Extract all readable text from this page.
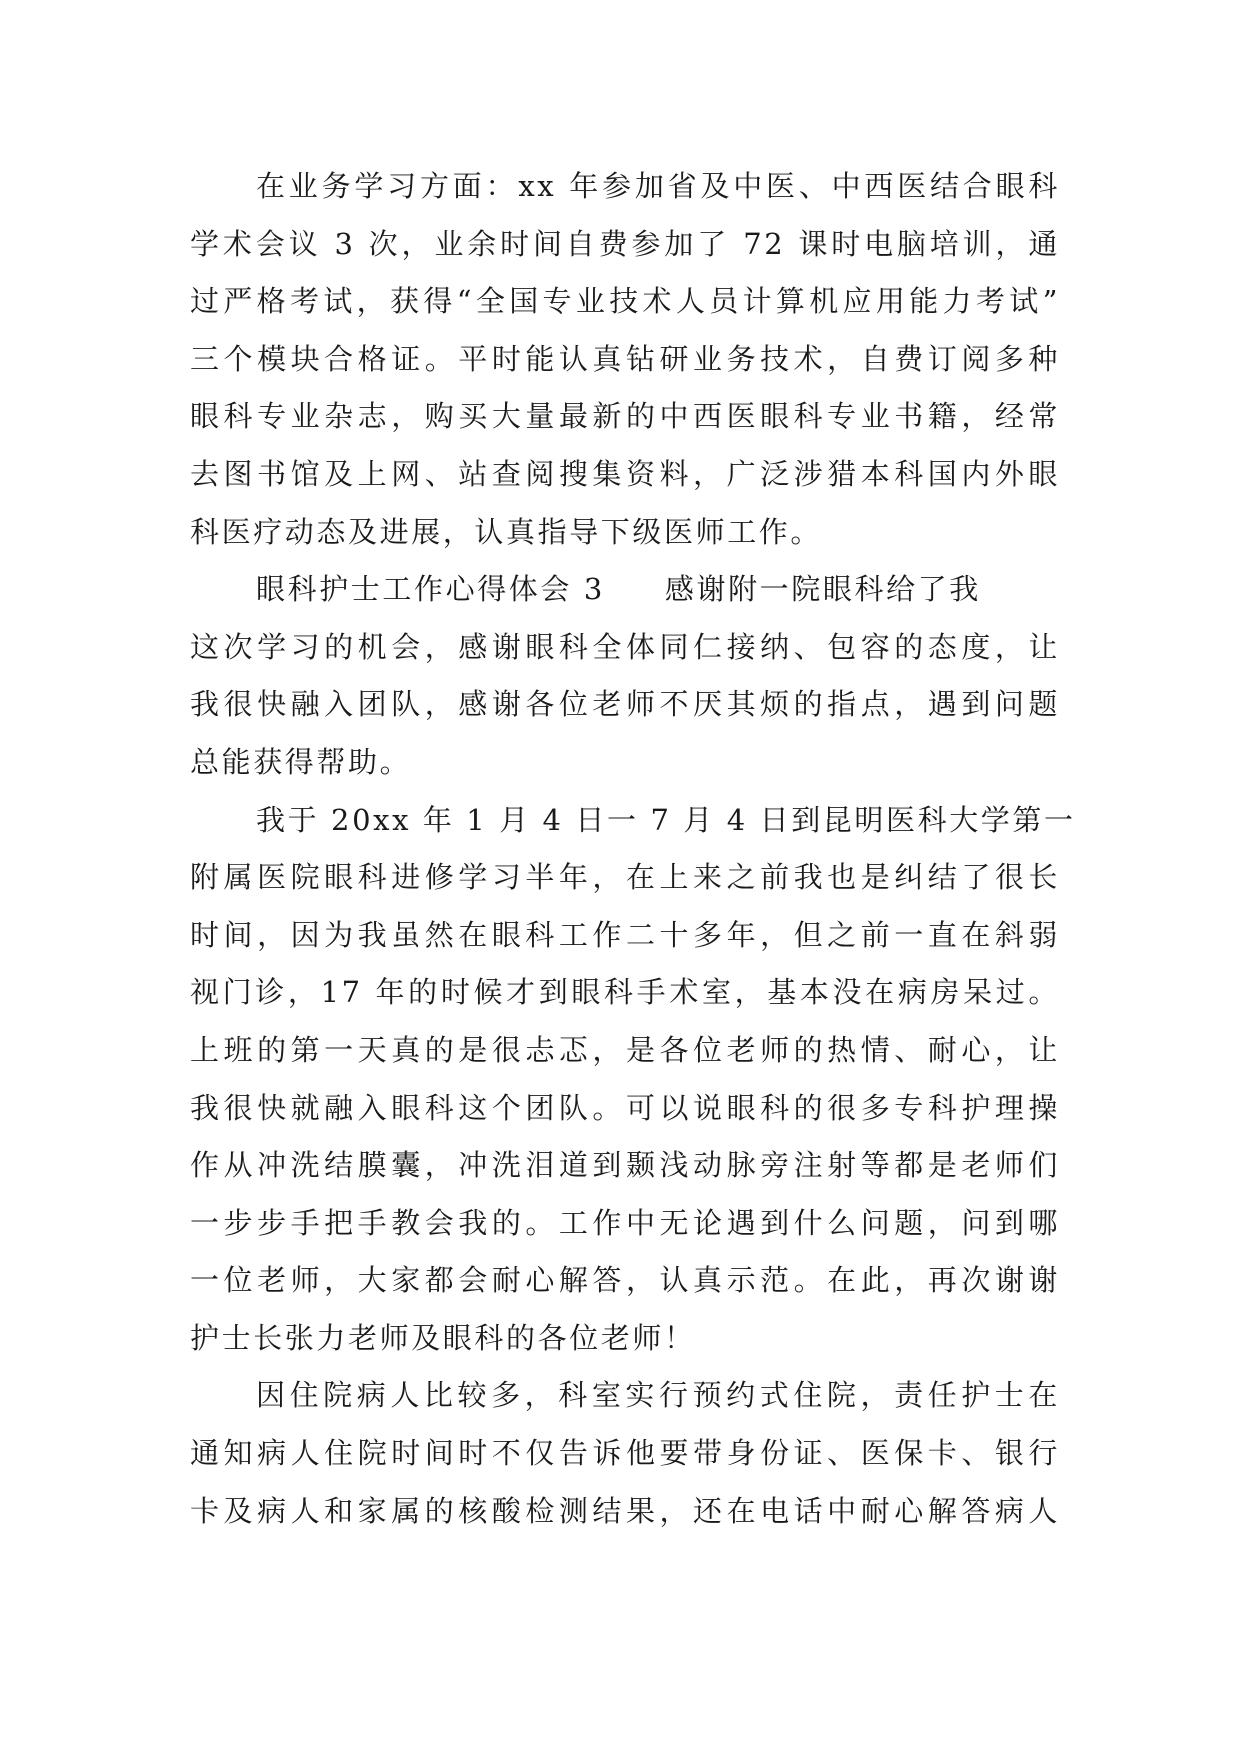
在业务学习方面：xx 年参加省及中医、中西医结合眼科
学术会议 3 次，业余时间自费参加了 72 课时电脑培训，通
过严格考试，获得“全国专业技术人员计算机应用能力考试”
三个模块合格证。平时能认真钻研业务技术，自费订阅多种
眼科专业杂志，购买大量最新的中西医眼科专业书籍，经常
去图书馆及上网、站查阅搜集资料，广泛涉猎本科国内外眼
科医疗动态及进展，认真指导下级医师工作。
眼科护士工作心得体会 3 感谢附一院眼科给了我
这次学习的机会，感谢眼科全体同仁接纳、包容的态度，让
我很快融入团队，感谢各位老师不厌其烦的指点，遇到问题
总能获得帮助。
我于 20xx 年 1 月 4 日一 7 月 4 日到昆明医科大学第一
附属医院眼科进修学习半年，在上来之前我也是纠结了很长
时间，因为我虽然在眼科工作二十多年，但之前一直在斜弱
视门诊，17 年的时候才到眼科手术室，基本没在病房呆过。
上班的第一天真的是很忐忑，是各位老师的热情、耐心，让
我很快就融入眼科这个团队。可以说眼科的很多专科护理操
作从冲洗结膜囊，冲洗泪道到颞浅动脉旁注射等都是老师们
一步步手把手教会我的。工作中无论遇到什么问题，问到哪
一位老师，大家都会耐心解答，认真示范。在此，再次谢谢
护士长张力老师及眼科的各位老师！
因住院病人比较多，科室实行预约式住院，责任护士在
通知病人住院时间时不仅告诉他要带身份证、医保卡、银行
卡及病人和家属的核酸检测结果，还在电话中耐心解答病人
